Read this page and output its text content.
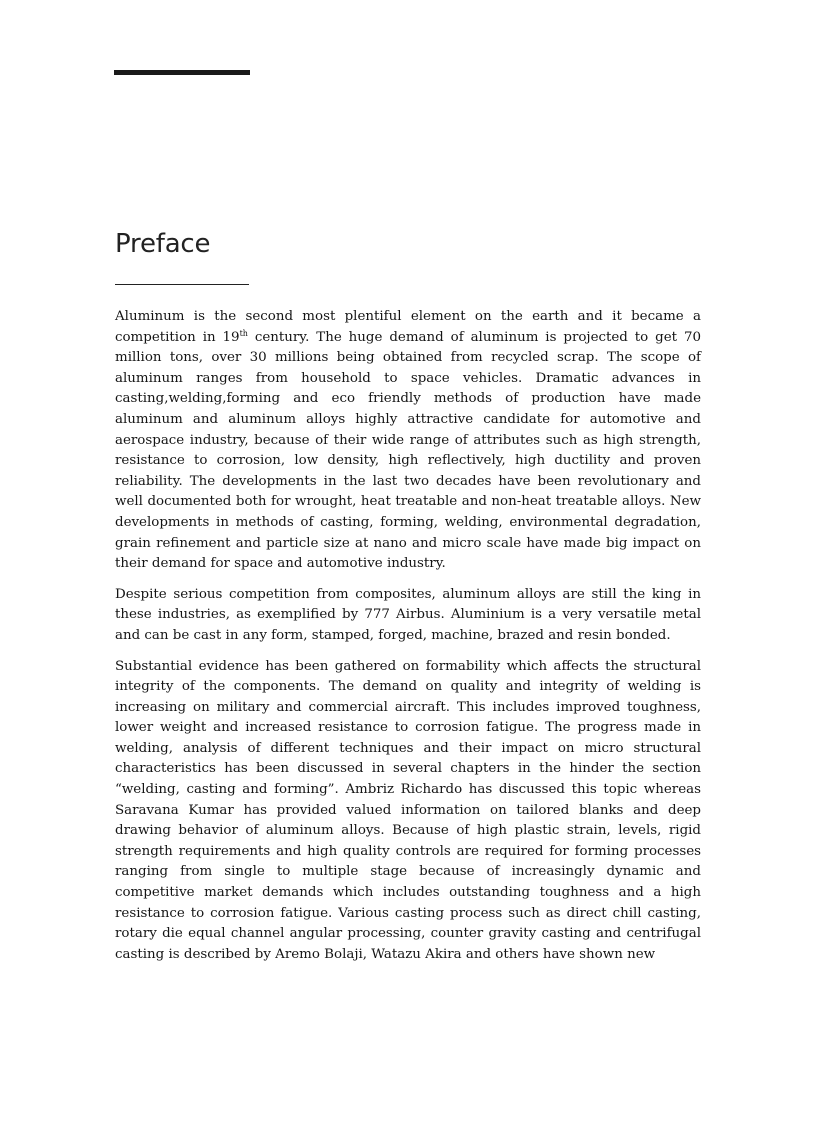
Preface

Aluminum is the second most plentiful element on the earth and it became a competition in 19th century. The huge demand of aluminum is projected to get 70 million tons, over 30 millions being obtained from recycled scrap. The scope of aluminum ranges from household to space vehicles. Dramatic advances in casting,welding,forming and eco friendly methods of production have made aluminum and aluminum alloys highly attractive candidate for automotive and aerospace industry, because of their wide range of attributes such as high strength, resistance to corrosion, low density, high reflectively, high ductility and proven reliability. The developments in the last two decades have been revolutionary and well documented both for wrought, heat treatable and non-heat treatable alloys. New developments in methods of casting, forming, welding, environmental degradation, grain refinement and particle size at nano and micro scale have made big impact on their demand for space and automotive industry.

Despite serious competition from composites, aluminum alloys are still the king in these industries, as exemplified by 777 Airbus. Aluminium is a very versatile metal and can be cast in any form, stamped, forged, machine, brazed and resin bonded.

Substantial evidence has been gathered on formability which affects the structural integrity of the components. The demand on quality and integrity of welding is increasing on military and commercial aircraft. This includes improved toughness, lower weight and increased resistance to corrosion fatigue. The progress made in welding, analysis of different techniques and their impact on micro structural characteristics has been discussed in several chapters in the hinder the section “welding, casting and forming”. Ambriz Richardo has discussed this topic whereas Saravana Kumar has provided valued information on tailored blanks and deep drawing behavior of aluminum alloys. Because of high plastic strain, levels, rigid strength requirements and high quality controls are required for forming processes ranging from single to multiple stage because of increasingly dynamic and competitive market demands which includes outstanding toughness and a high resistance to corrosion fatigue. Various casting process such as direct chill casting, rotary die equal channel angular processing, counter gravity casting and centrifugal casting is described by Aremo Bolaji, Watazu Akira and others have shown new
